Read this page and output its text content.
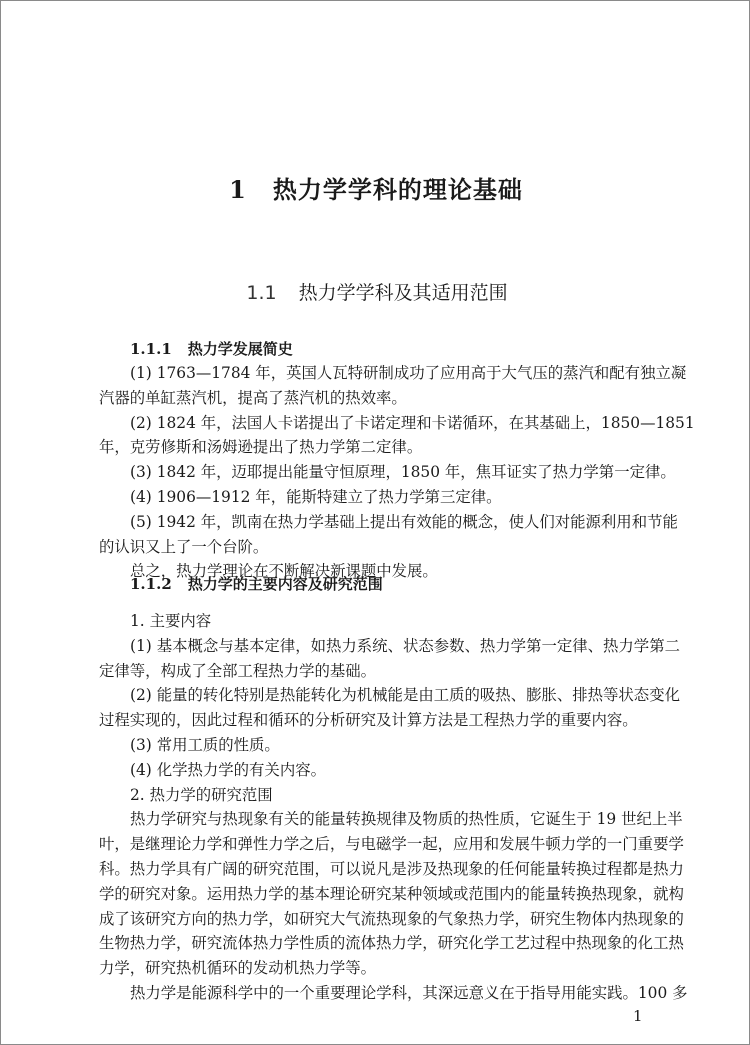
1 热力学学科的理论基础
1.1 热力学学科及其适用范围
1.1.1 热力学发展简史
(1) 1763—1784 年，英国人瓦特研制成功了应用高于大气压的蒸汽和配有独立凝
汽器的单缸蒸汽机，提高了蒸汽机的热效率。
(2) 1824 年，法国人卡诺提出了卡诺定理和卡诺循环，在其基础上，1850—1851
年，克劳修斯和汤姆逊提出了热力学第二定律。
(3) 1842 年，迈耶提出能量守恒原理，1850 年，焦耳证实了热力学第一定律。
(4) 1906—1912 年，能斯特建立了热力学第三定律。
(5) 1942 年，凯南在热力学基础上提出有效能的概念，使人们对能源利用和节能
的认识又上了一个台阶。
总之，热力学理论在不断解决新课题中发展。
1.1.2 热力学的主要内容及研究范围
1. 主要内容
(1) 基本概念与基本定律，如热力系统、状态参数、热力学第一定律、热力学第二
定律等，构成了全部工程热力学的基础。
(2) 能量的转化特别是热能转化为机械能是由工质的吸热、膨胀、排热等状态变化
过程实现的，因此过程和循环的分析研究及计算方法是工程热力学的重要内容。
(3) 常用工质的性质。
(4) 化学热力学的有关内容。
2. 热力学的研究范围
热力学研究与热现象有关的能量转换规律及物质的热性质，它诞生于 19 世纪上半
叶，是继理论力学和弹性力学之后，与电磁学一起，应用和发展牛顿力学的一门重要学
科。热力学具有广阔的研究范围，可以说凡是涉及热现象的任何能量转换过程都是热力
学的研究对象。运用热力学的基本理论研究某种领域或范围内的能量转换热现象，就构
成了该研究方向的热力学，如研究大气流热现象的气象热力学，研究生物体内热现象的
生物热力学，研究流体热力学性质的流体热力学，研究化学工艺过程中热现象的化工热
力学，研究热机循环的发动机热力学等。
热力学是能源科学中的一个重要理论学科，其深远意义在于指导用能实践。100 多
1
